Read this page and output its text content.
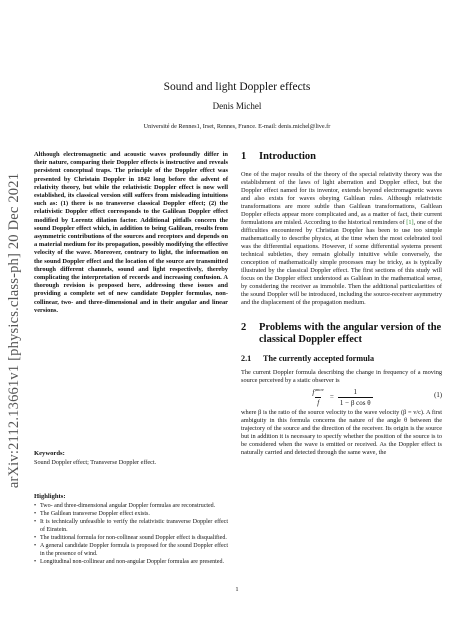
arXiv:2112.13661v1 [physics.class-ph] 20 Dec 2021
Sound and light Doppler effects
Denis Michel
Université de Rennes1, Irset, Rennes, France. E-mail: denis.michel@live.fr

Although electromagnetic and acoustic waves profoundly differ in their nature, comparing their Doppler effects is instructive and reveals persistent conceptual traps. The principle of the Doppler effect was presented by Christain Doppler in 1842 long before the advent of relativity theory, but while the relativistic Doppler effect is now well established, its classical version still suffers from misleading intuitions such as: (1) there is no transverse classical Doppler effect; (2) the relativistic Doppler effect corresponds to the Galilean Doppler effect modified by Lorentz dilation factor. Additional pitfalls concern the sound Doppler effect which, in addition to being Galilean, results from asymmetric contributions of the sources and receptors and depends on a material medium for its propagation, possibly modifying the effective velocity of the wave. Moreover, contrary to light, the information on the sound Doppler effect and the location of the source are transmitted through different channels, sound and light respectively, thereby complicating the interpretation of records and increasing confusion. A thorough revision is proposed here, addressing these issues and providing a complete set of new candidate Doppler formulas, non-collinear, two- and three-dimensional and in their angular and linear versions.

Keywords:

Sound Doppler effect; Transverse Doppler effect.

Highlights:

• Two- and three-dimensional angular Doppler formulas are reconstructed.
• The Galilean transverse Doppler effect exists.
• It is technically unfeasible to verify the relativistic transverse Doppler effect of Einstein.
• The traditional formula for non-collinear sound Doppler effect is disqualified.
• A general candidate Doppler formula is proposed for the sound Doppler effect in the presence of wind.
• Longitudinal non-collinear and non-angular Doppler formulas are presented.
1	Introduction

One of the major results of the theory of the special relativity theory was the establishment of the laws of light aberration and Doppler effect, but the Doppler effect named for its inventor, extends beyond electromagnetic waves and also exists for waves obeying Galilean rules. Although relativistic transformations are more subtle than Galilean transformations, Galilean Doppler effects appear more complicated and, as a matter of fact, their current formulations are misled. According to the historical reminders of [1], one of the difficulties encountered by Christian Doppler has been to use too simple mathematically to describe physics, at the time when the most celebrated tool was the differential equations. However, if some differential systems present technical subtleties, they remain globally intuitive while conversely, the conception of mathematically simple processes may be tricky, as is typically illustrated by the classical Doppler effect. The first sections of this study will focus on the Doppler effect understood as Galilean in the mathematical sense, by considering the receiver as immobile. Then the additional particularities of the sound Doppler will be introduced, including the source-receiver asymmetry and the displacement of the propagation medium.

2	Problems with the angular version of the classical Doppler effect
2.1	The currently accepted formula

The current Doppler formula describing the change in frequency of a moving source perceived by a static observer is

$\frac{f'^{mov}}{f} = \frac{1}{\text{1 − β cos θ}}$	(1)

where β is the ratio of the source velocity to the wave velocity (β = v/c). A first ambiguity in this formula concerns the nature of the angle θ between the trajectory of the source and the direction of the receiver. Its origin is the source but in addition it is necessary to specify whether the position of the source is to be considered when the wave is emitted or received. As the Doppler effect is naturally carried and detected through the same wave, the

1
